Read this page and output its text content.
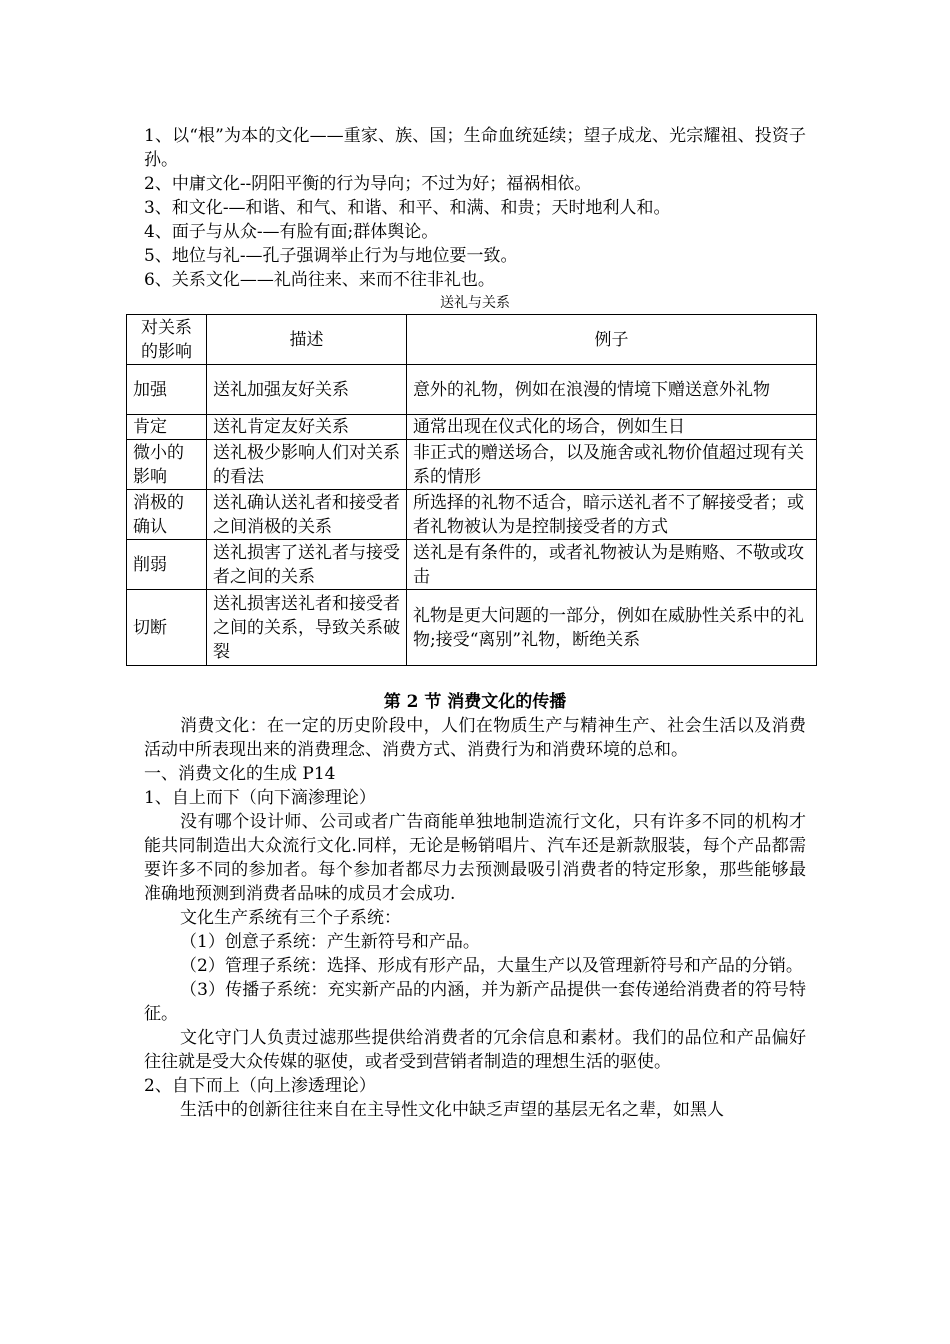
1、以“根”为本的文化——重家、族、国；生命血统延续；望子成龙、光宗耀祖、投资子孙。

2、中庸文化--阴阳平衡的行为导向；不过为好；福祸相依。

3、和文化-—和谐、和气、和谐、和平、和满、和贵；天时地利人和。

4、面子与从众-—有脸有面;群体舆论。

5、地位与礼-—孔子强调举止行为与地位要一致。

6、关系文化——礼尚往来、来而不往非礼也。

送礼与关系

对关系的影响	描述	例子
加强	送礼加强友好关系	意外的礼物，例如在浪漫的情境下赠送意外礼物
肯定	送礼肯定友好关系	通常出现在仪式化的场合，例如生日
微小的影响	送礼极少影响人们对关系的看法	非正式的赠送场合，以及施舍或礼物价值超过现有关系的情形
消极的确认	送礼确认送礼者和接受者之间消极的关系	所选择的礼物不适合，暗示送礼者不了解接受者；或者礼物被认为是控制接受者的方式
削弱	送礼损害了送礼者与接受者之间的关系	送礼是有条件的，或者礼物被认为是贿赂、不敬或攻击
切断	送礼损害送礼者和接受者之间的关系，导致关系破裂	礼物是更大问题的一部分，例如在威胁性关系中的礼物;接受“离别”礼物，断绝关系

第 2 节 消费文化的传播

消费文化：在一定的历史阶段中，人们在物质生产与精神生产、社会生活以及消费活动中所表现出来的消费理念、消费方式、消费行为和消费环境的总和。

一、消费文化的生成 P14

1、自上而下（向下滴渗理论）

没有哪个设计师、公司或者广告商能单独地制造流行文化，只有许多不同的机构才能共同制造出大众流行文化.同样，无论是畅销唱片、汽车还是新款服装，每个产品都需要许多不同的参加者。每个参加者都尽力去预测最吸引消费者的特定形象，那些能够最准确地预测到消费者品味的成员才会成功.

文化生产系统有三个子系统：

（1）创意子系统：产生新符号和产品。

（2）管理子系统：选择、形成有形产品，大量生产以及管理新符号和产品的分销。

（3）传播子系统：充实新产品的内涵，并为新产品提供一套传递给消费者的符号特征。

文化守门人负责过滤那些提供给消费者的冗余信息和素材。我们的品位和产品偏好往往就是受大众传媒的驱使，或者受到营销者制造的理想生活的驱使。

2、自下而上（向上渗透理论）

生活中的创新往往来自在主导性文化中缺乏声望的基层无名之辈，如黑人
